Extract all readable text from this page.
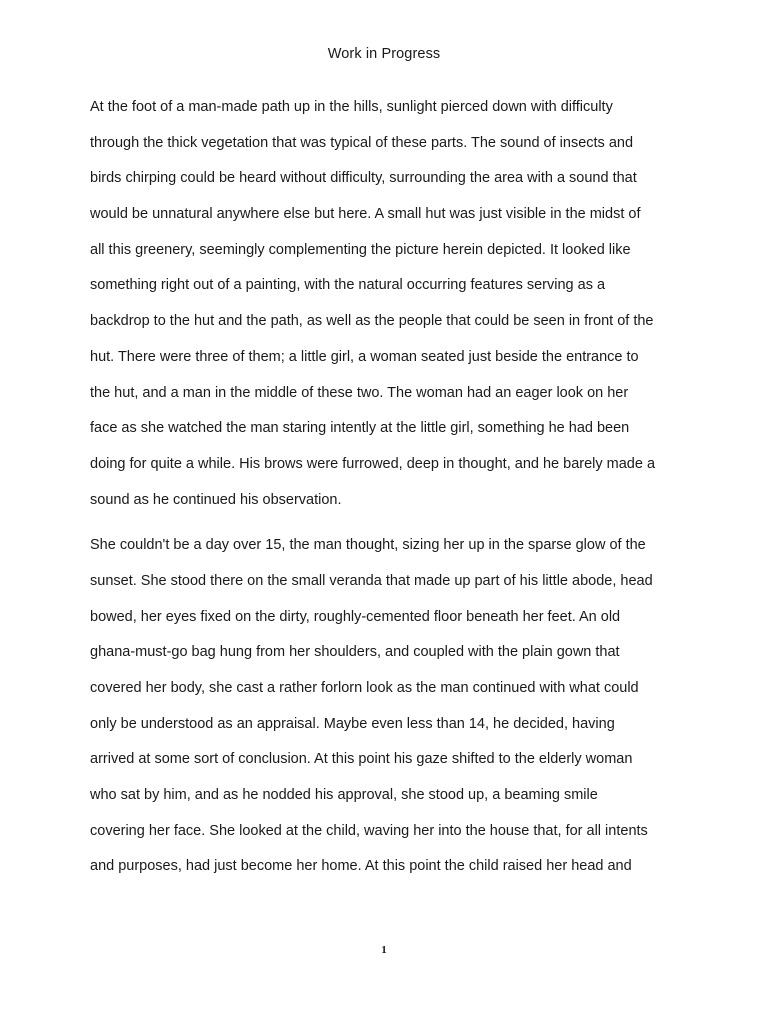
Work in Progress

At the foot of a man-made path up in the hills, sunlight pierced down with difficulty
through the thick vegetation that was typical of these parts. The sound of insects and
birds chirping could be heard without difficulty, surrounding the area with a sound that
would be unnatural anywhere else but here. A small hut was just visible in the midst of
all this greenery, seemingly complementing the picture herein depicted. It looked like
something right out of a painting, with the natural occurring features serving as a
backdrop to the hut and the path, as well as the people that could be seen in front of the
hut. There were three of them; a little girl, a woman seated just beside the entrance to
the hut, and a man in the middle of these two. The woman had an eager look on her
face as she watched the man staring intently at the little girl, something he had been
doing for quite a while. His brows were furrowed, deep in thought, and he barely made a
sound as he continued his observation.

She couldn't be a day over 15, the man thought, sizing her up in the sparse glow of the
sunset. She stood there on the small veranda that made up part of his little abode, head
bowed, her eyes fixed on the dirty, roughly-cemented floor beneath her feet. An old
ghana-must-go bag hung from her shoulders, and coupled with the plain gown that
covered her body, she cast a rather forlorn look as the man continued with what could
only be understood as an appraisal. Maybe even less than 14, he decided, having
arrived at some sort of conclusion. At this point his gaze shifted to the elderly woman
who sat by him, and as he nodded his approval, she stood up, a beaming smile
covering her face. She looked at the child, waving her into the house that, for all intents
and purposes, had just become her home. At this point the child raised her head and

1
